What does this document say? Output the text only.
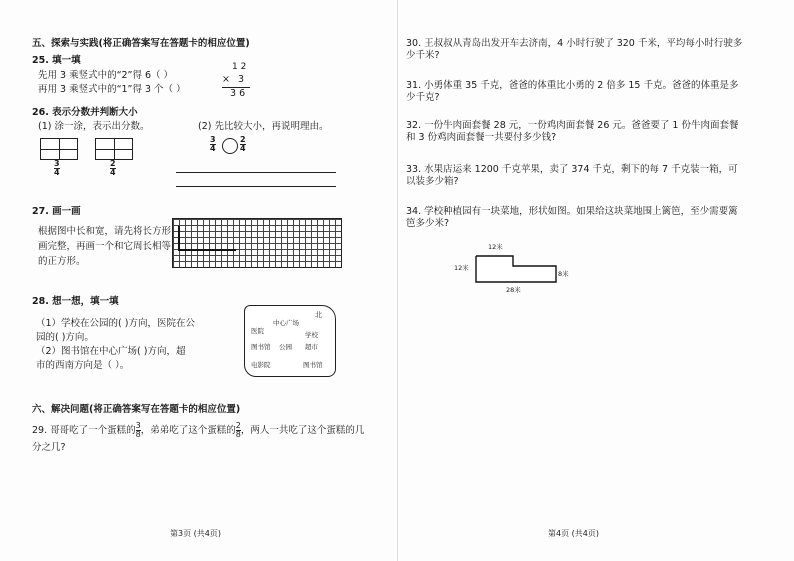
五、探索与实践(将正确答案写在答题卡的相应位置)
25. 填一填
先用 3 乘竖式中的“2”得 6（ ）
再用 3 乘竖式中的“1”得 3 个（ ）
1 2
× 3
3 6
26. 表示分数并判断大小
(1) 涂一涂，表示出分数。	(2) 先比较大小，再说明理由。
$\frac{3}{4}$	$\frac{2}{4}$
$\frac{3}{4}$	$\frac{2}{4}$
27. 画一画
根据图中长和宽，请先将长方形
画完整，再画一个和它周长相等
的正方形。
28. 想一想，填一填
（1）学校在公园的( )方向，医院在公
园的( )方向。
（2）图书馆在中心广场( )方向，超
市的西南方向是（ ）。
北
中心广场
医院	学校
图书馆 公园 超市
电影院	图书馆
六、解决问题(将正确答案写在答题卡的相应位置)
29. 哥哥吃了一个蛋糕的 $\frac{3}{8}$ ，弟弟吃了这个蛋糕的 $\frac{2}{8}$ ，两人一共吃了这个蛋糕的几
分之几?
第3页 (共4页)
30. 王叔叔从青岛出发开车去济南，4 小时行驶了 320 千米，平均每小时行驶多少千米?
31. 小勇体重 35 千克，爸爸的体重比小勇的 2 倍多 15 千克。爸爸的体重是多少千克?
32. 一份牛肉面套餐 28 元，一份鸡肉面套餐 26 元。爸爸要了 1 份牛肉面套餐和 3 份鸡肉面套餐一共要付多少钱?
33. 水果店运来 1200 千克苹果，卖了 374 千克，剩下的每 7 千克装一箱，可以装多少箱?
34. 学校种植园有一块菜地，形状如图。如果给这块菜地围上篱笆，至少需要篱笆多少米?
12米
12米
8米
28米
第4页 (共4页)
